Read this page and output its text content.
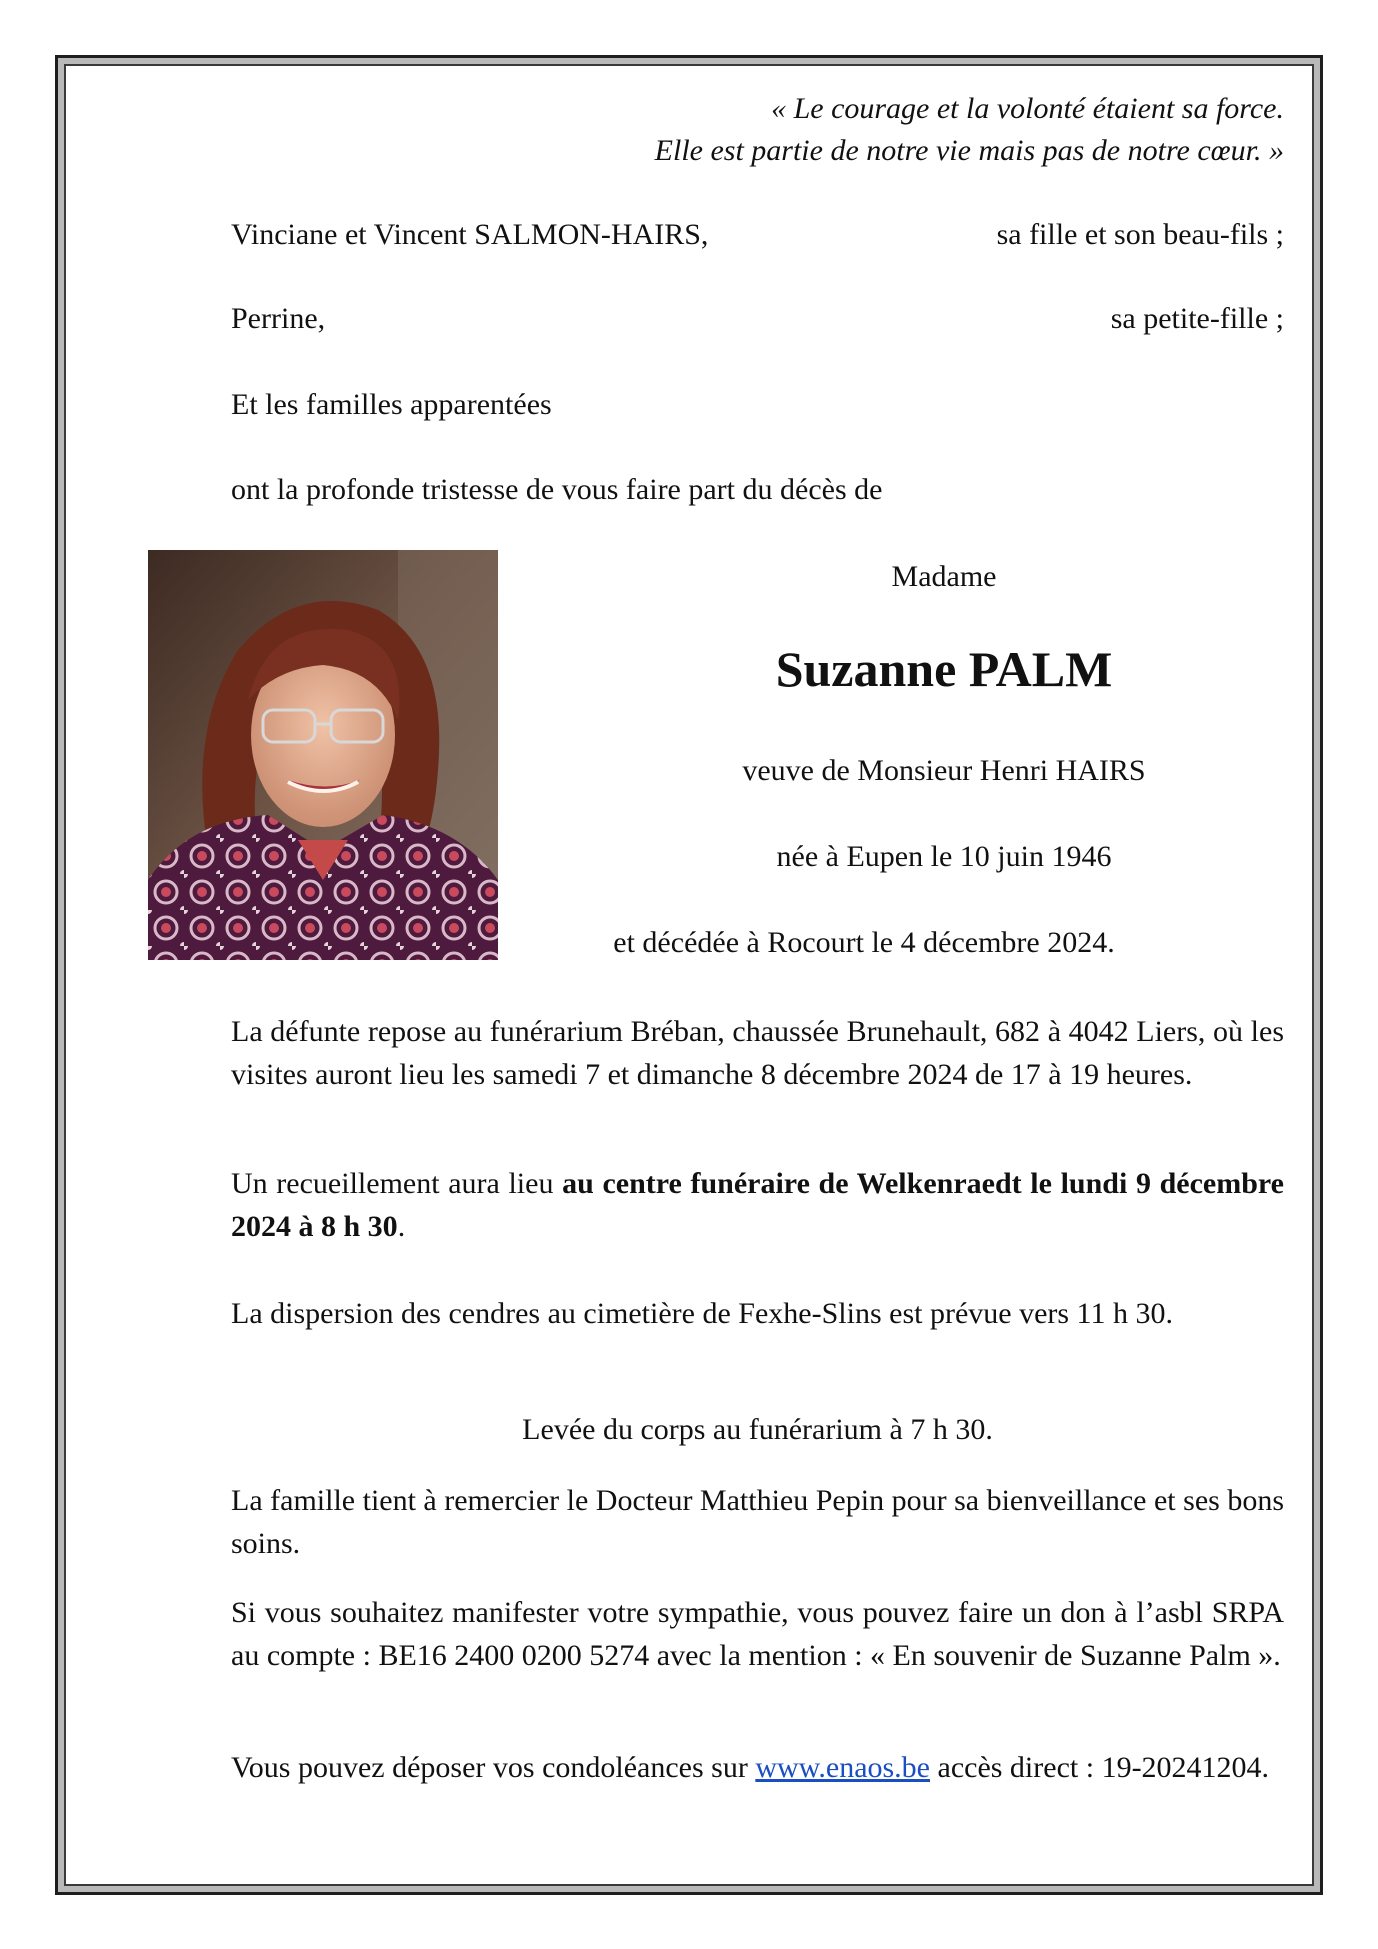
« Le courage et la volonté étaient sa force.
Elle est partie de notre vie mais pas de notre cœur. »
Vinciane et Vincent SALMON-HAIRS,	sa fille et son beau-fils ;
Perrine,	sa petite-fille ;
Et les familles apparentées
ont la profonde tristesse de vous faire part du décès de
Madame
Suzanne PALM
veuve de Monsieur Henri HAIRS
née à Eupen le 10 juin 1946
et décédée à Rocourt le 4 décembre 2024.
La défunte repose au funérarium Bréban, chaussée Brunehault, 682 à 4042 Liers, où les visites auront lieu les samedi 7 et dimanche 8 décembre 2024 de 17 à 19 heures.
Un recueillement aura lieu au centre funéraire de Welkenraedt le lundi 9 décembre 2024 à 8 h 30.
La dispersion des cendres au cimetière de Fexhe-Slins est prévue vers 11 h 30.
Levée du corps au funérarium à 7 h 30.
La famille tient à remercier le Docteur Matthieu Pepin pour sa bienveillance et ses bons soins.
Si vous souhaitez manifester votre sympathie, vous pouvez faire un don à l’asbl SRPA au compte : BE16 2400 0200 5274 avec la mention : « En souvenir de Suzanne Palm ».
Vous pouvez déposer vos condoléances sur www.enaos.be accès direct : 19-20241204.
